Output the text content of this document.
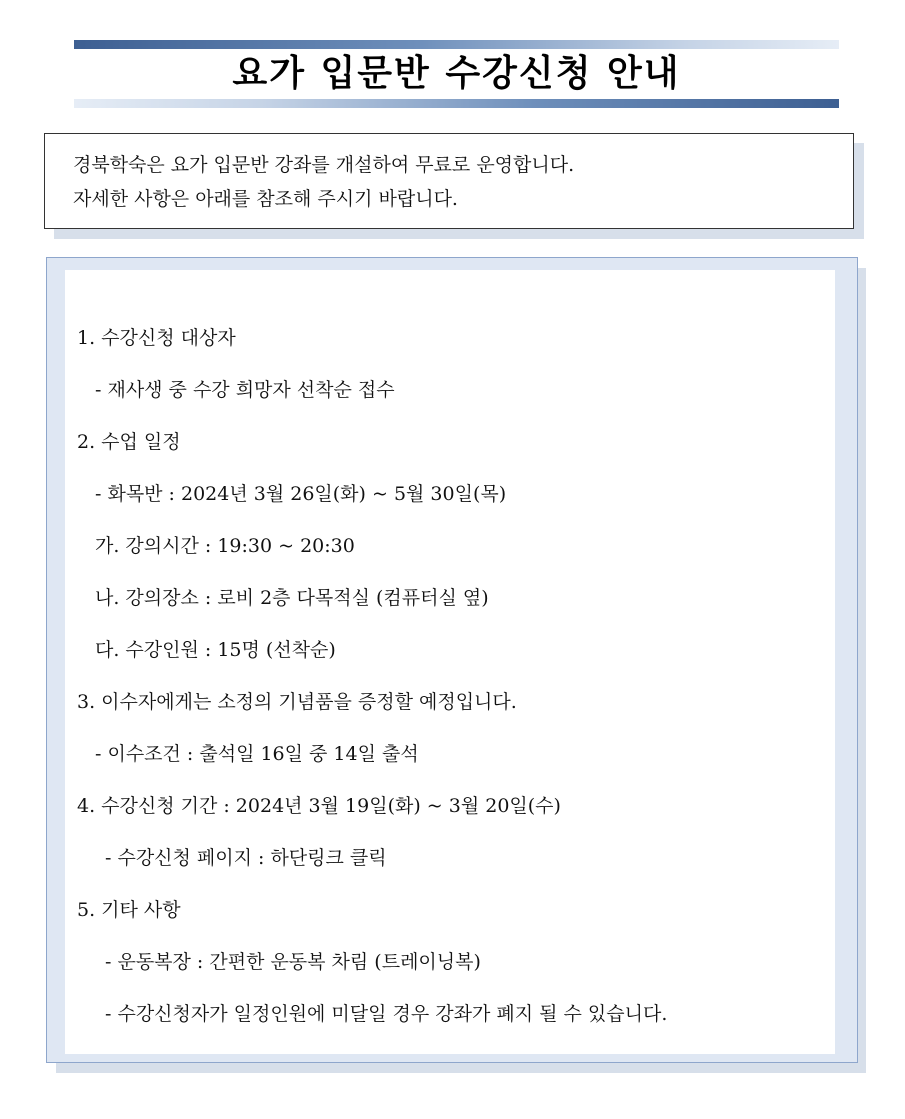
요가 입문반 수강신청 안내
경북학숙은 요가 입문반 강좌를 개설하여 무료로 운영합니다.
자세한 사항은 아래를 참조해 주시기 바랍니다.
1. 수강신청 대상자
- 재사생 중 수강 희망자 선착순 접수
2. 수업 일정
- 화목반 : 2024년 3월 26일(화) ~ 5월 30일(목)
가. 강의시간 : 19:30 ~ 20:30
나. 강의장소 : 로비 2층 다목적실 (컴퓨터실 옆)
다. 수강인원 : 15명 (선착순)
3. 이수자에게는 소정의 기념품을 증정할 예정입니다.
- 이수조건 : 출석일 16일 중 14일 출석
4. 수강신청 기간 : 2024년 3월 19일(화) ~ 3월 20일(수)
- 수강신청 페이지 : 하단링크 클릭
5. 기타 사항
- 운동복장 : 간편한 운동복 차림 (트레이닝복)
- 수강신청자가 일정인원에 미달일 경우 강좌가 폐지 될 수 있습니다.
